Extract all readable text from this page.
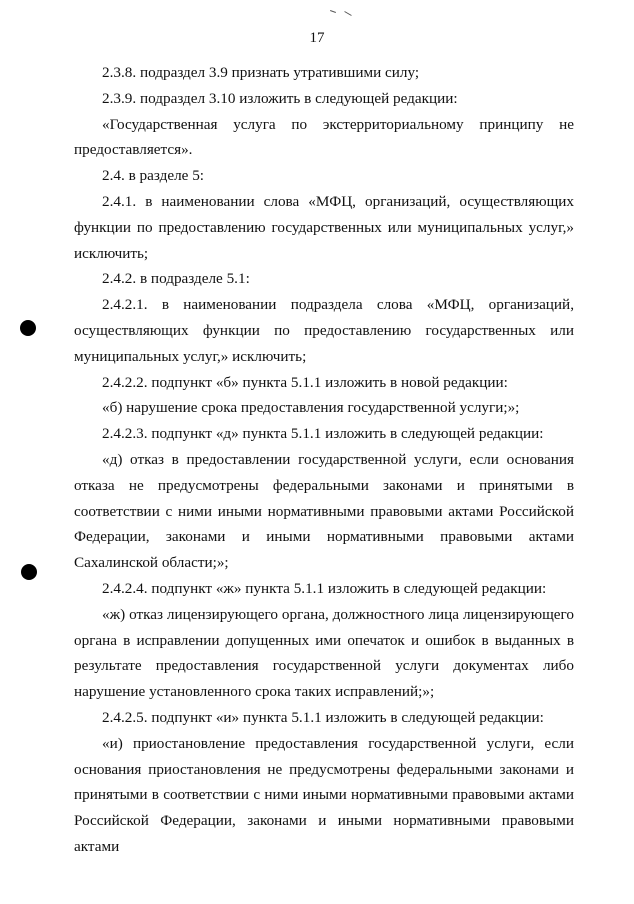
17

2.3.8. подраздел 3.9 признать утратившими силу;

2.3.9. подраздел 3.10 изложить в следующей редакции:

«Государственная услуга по экстерриториальному принципу не предоставляется».

2.4. в разделе 5:

2.4.1. в наименовании слова «МФЦ, организаций, осуществляющих функции по предоставлению государственных или муниципальных услуг,» исключить;

2.4.2. в подразделе 5.1:

2.4.2.1. в наименовании подраздела слова «МФЦ, организаций, осуществляющих функции по предоставлению государственных или муниципальных услуг,» исключить;

2.4.2.2. подпункт «б» пункта 5.1.1 изложить в новой редакции:

«б) нарушение срока предоставления государственной услуги;»;

2.4.2.3. подпункт «д» пункта 5.1.1 изложить в следующей редакции:

«д) отказ в предоставлении государственной услуги, если основания отказа не предусмотрены федеральными законами и принятыми в соответствии с ними иными нормативными правовыми актами Российской Федерации, законами и иными нормативными правовыми актами Сахалинской области;»;

2.4.2.4. подпункт «ж» пункта 5.1.1 изложить в следующей редакции:

«ж) отказ лицензирующего органа, должностного лица лицензирующего органа в исправлении допущенных ими опечаток и ошибок в выданных в результате предоставления государственной услуги документах либо нарушение установленного срока таких исправлений;»;

2.4.2.5. подпункт «и» пункта 5.1.1 изложить в следующей редакции:

«и) приостановление предоставления государственной услуги, если основания приостановления не предусмотрены федеральными законами и принятыми в соответствии с ними иными нормативными правовыми актами Российской Федерации, законами и иными нормативными правовыми актами
